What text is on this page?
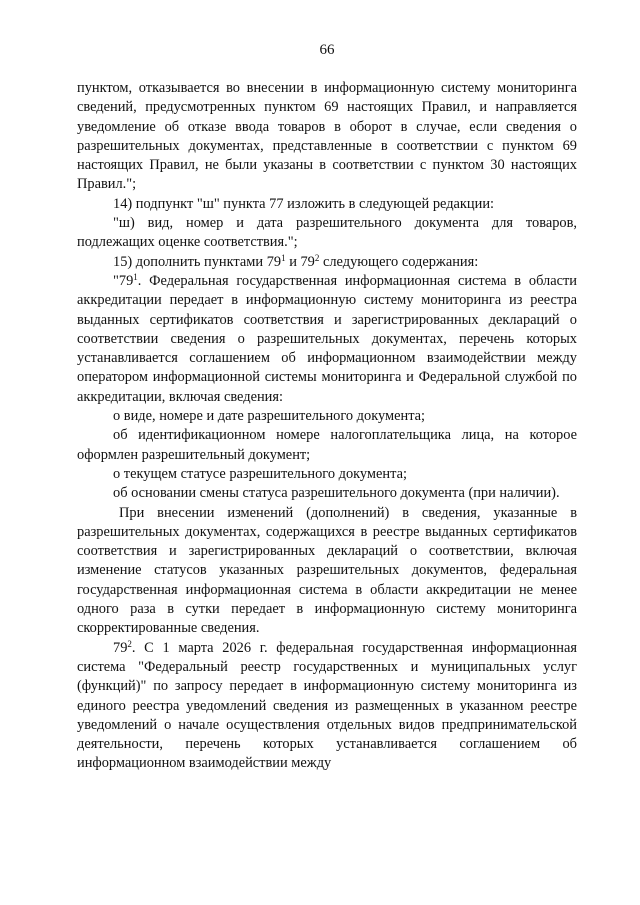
66

пунктом, отказывается во внесении в информационную систему мониторинга сведений, предусмотренных пунктом 69 настоящих Правил, и направляется уведомление об отказе ввода товаров в оборот в случае, если сведения о разрешительных документах, представленные в соответствии с пунктом 69 настоящих Правил, не были указаны в соответствии с пунктом 30 настоящих Правил.";

14) подпункт "ш" пункта 77 изложить в следующей редакции:

"ш) вид, номер и дата разрешительного документа для товаров, подлежащих оценке соответствия.";

15) дополнить пунктами $79^1$ и $79^2$ следующего содержания:

"$79^1$. Федеральная государственная информационная система в области аккредитации передает в информационную систему мониторинга из реестра выданных сертификатов соответствия и зарегистрированных деклараций о соответствии сведения о разрешительных документах, перечень которых устанавливается соглашением об информационном взаимодействии между оператором информационной системы мониторинга и Федеральной службой по аккредитации, включая сведения:

о виде, номере и дате разрешительного документа;

об идентификационном номере налогоплательщика лица, на которое оформлен разрешительный документ;

о текущем статусе разрешительного документа;

об основании смены статуса разрешительного документа (при наличии).

При внесении изменений (дополнений) в сведения, указанные в разрешительных документах, содержащихся в реестре выданных сертификатов соответствия и зарегистрированных деклараций о соответствии, включая изменение статусов указанных разрешительных документов, федеральная государственная информационная система в области аккредитации не менее одного раза в сутки передает в информационную систему мониторинга скорректированные сведения.

$79^2$. С 1 марта 2026 г. федеральная государственная информационная система "Федеральный реестр государственных и муниципальных услуг (функций)" по запросу передает в информационную систему мониторинга из единого реестра уведомлений сведения из размещенных в указанном реестре уведомлений о начале осуществления отдельных видов предпринимательской деятельности, перечень которых устанавливается соглашением об информационном взаимодействии между
